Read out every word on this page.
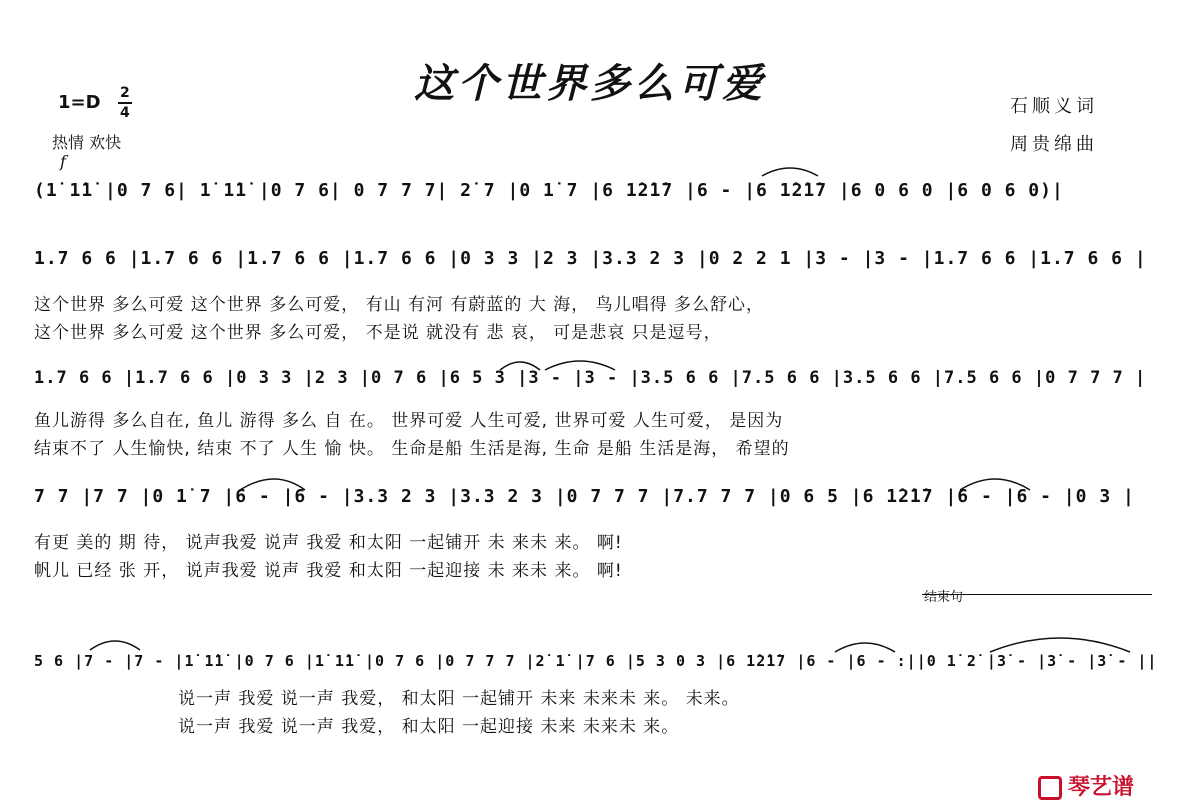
这个世界多么可爱
1=D 2
4
热情 欢快
石顺义词
周贵绵曲
f
(1̇ 1̇1̇ |0 7 6| 1̇ 1̇1̇ |0 7 6| 0 7 7 7| 2̇ 7 |0 1̇ 7 |6 1̇2̇1̇7 |6 - |6 1̇2̇1̇7 |6 0 6 0 |6 0 6 0)|
1.7 6 6 |1.7 6 6 |1.7 6 6 |1.7 6 6 |0 3 3 |2 3 |3.3 2 3 |0 2 2 1 |3 - |3 - |1.7 6 6 |1.7 6 6 |
这个世界 多么可爱 这个世界 多么可爱， 有山 有河 有蔚蓝的 大 海， 鸟儿唱得 多么舒心，
这个世界 多么可爱 这个世界 多么可爱， 不是说 就没有 悲 哀， 可是悲哀 只是逗号，
1.7 6 6 |1.7 6 6 |0 3 3 |2 3 |0 7 6 |6 5 3 |3 - |3 - |3.5 6 6 |7.5 6 6 |3.5 6 6 |7.5 6 6 |0 7 7 7 |
鱼儿游得 多么自在, 鱼儿 游得 多么 自 在。 世界可爱 人生可爱, 世界可爱 人生可爱， 是因为
结束不了 人生愉快, 结束 不了 人生 愉 快。 生命是船 生活是海, 生命 是船 生活是海， 希望的
7 7 |7 7 |0 1̇ 7 |6 - |6 - |3.3 2 3 |3.3 2 3 |0 7 7 7 |7.7 7 7 |0 6 5 |6 1̇2̇1̇7 |6 - |6 - |0 3 |
有更 美的 期 待， 说声我爱 说声 我爱 和太阳 一起铺开 未 来未 来。 啊!
帆儿 已经 张 开， 说声我爱 说声 我爱 和太阳 一起迎接 未 来未 来。 啊!
结束句
5 6 |7 - |7 - |1̇ 1̇1̇ |0 7 6 |1̇ 1̇1̇ |0 7 6 |0 7 7 7 |2̇ 1̇ |7 6 |5 3 0 3 |6 1̇2̇1̇7 |6 - |6 - :||0 1̇ 2̇ |3̇ - |3̇ - |3̇ - ||
说一声 我爱 说一声 我爱， 和太阳 一起铺开 未来 未来未 来。 未来。
说一声 我爱 说一声 我爱， 和太阳 一起迎接 未来 未来未 来。
琴艺谱
